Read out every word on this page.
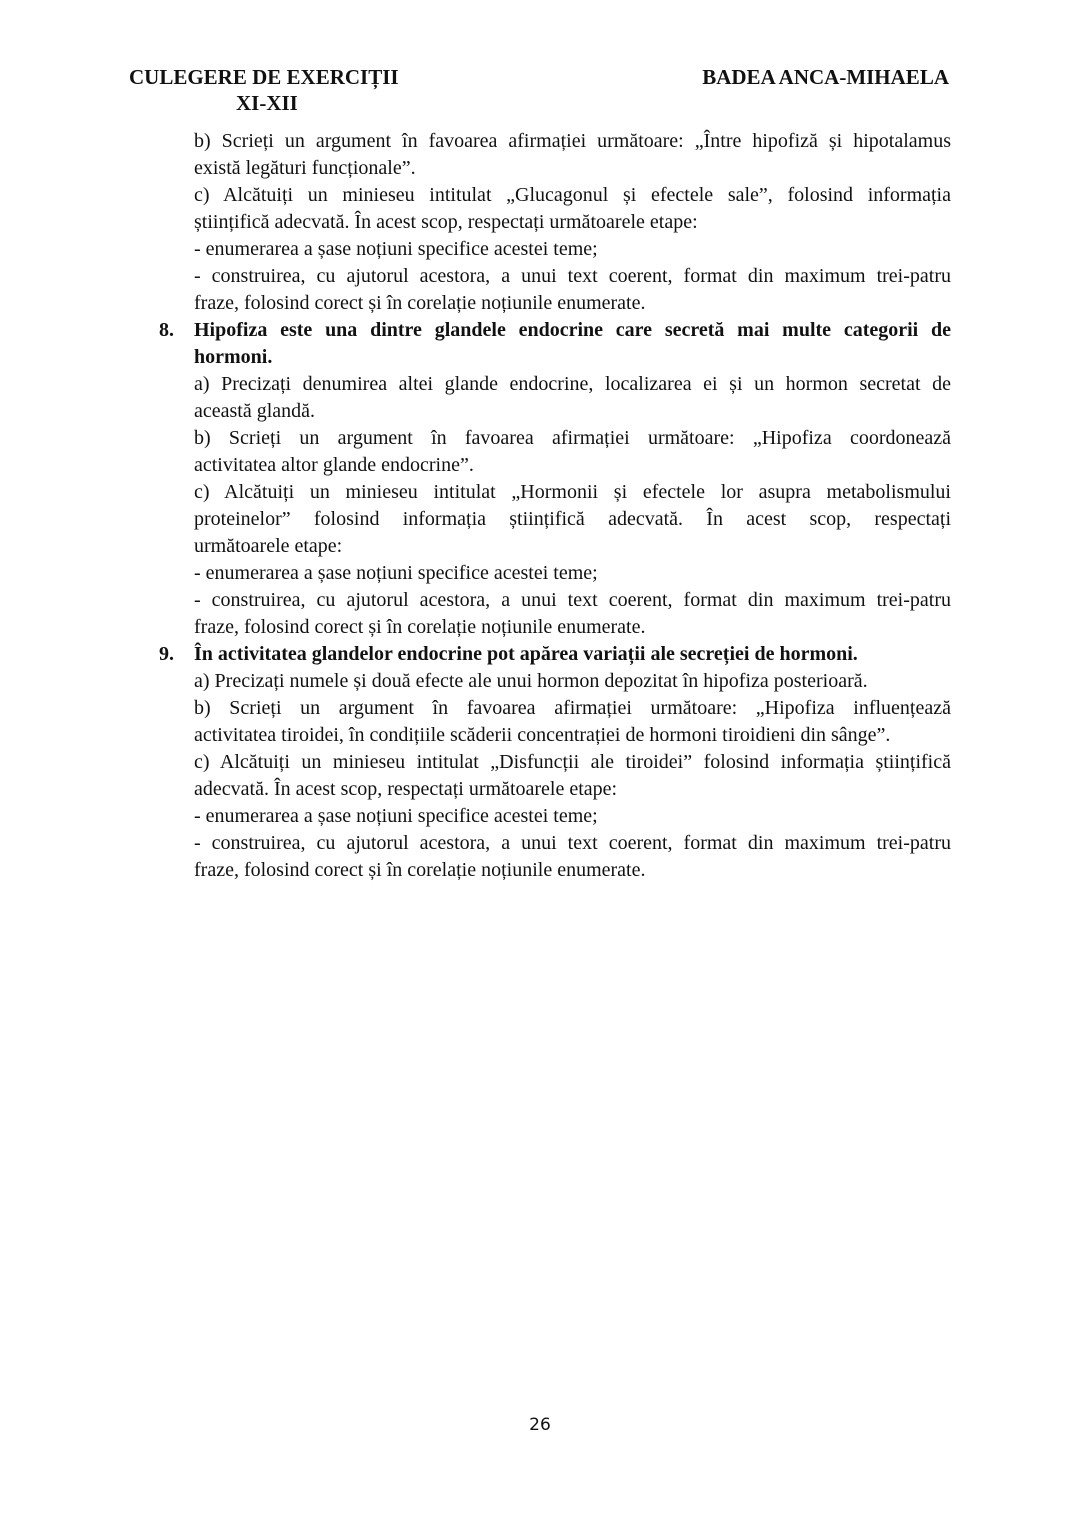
CULEGERE DE EXERCIȚII
XI-XII
BADEA ANCA-MIHAELA
b) Scrieți un argument în favoarea afirmației următoare: „Între hipofiză și hipotalamus
există legături funcționale”.
c) Alcătuiți un minieseu intitulat „Glucagonul și efectele sale”, folosind informația
științifică adecvată. În acest scop, respectați următoarele etape:
- enumerarea a șase noțiuni specifice acestei teme;
- construirea, cu ajutorul acestora, a unui text coerent, format din maximum trei-patru
fraze, folosind corect și în corelație noțiunile enumerate.
8. Hipofiza este una dintre glandele endocrine care secretă mai multe categorii de
hormoni.
a) Precizați denumirea altei glande endocrine, localizarea ei și un hormon secretat de
această glandă.
b) Scrieți un argument în favoarea afirmației următoare: „Hipofiza coordonează
activitatea altor glande endocrine”.
c) Alcătuiți un minieseu intitulat „Hormonii și efectele lor asupra metabolismului
proteinelor” folosind informația științifică adecvată. În acest scop, respectați
următoarele etape:
- enumerarea a șase noțiuni specifice acestei teme;
- construirea, cu ajutorul acestora, a unui text coerent, format din maximum trei-patru
fraze, folosind corect și în corelație noțiunile enumerate.
9. În activitatea glandelor endocrine pot apărea variații ale secreției de hormoni.
a) Precizați numele și două efecte ale unui hormon depozitat în hipofiza posterioară.
b) Scrieți un argument în favoarea afirmației următoare: „Hipofiza influențează
activitatea tiroidei, în condițiile scăderii concentrației de hormoni tiroidieni din sânge”.
c) Alcătuiți un minieseu intitulat „Disfuncții ale tiroidei” folosind informația științifică
adecvată. În acest scop, respectați următoarele etape:
- enumerarea a șase noțiuni specifice acestei teme;
- construirea, cu ajutorul acestora, a unui text coerent, format din maximum trei-patru
fraze, folosind corect și în corelație noțiunile enumerate.
26
